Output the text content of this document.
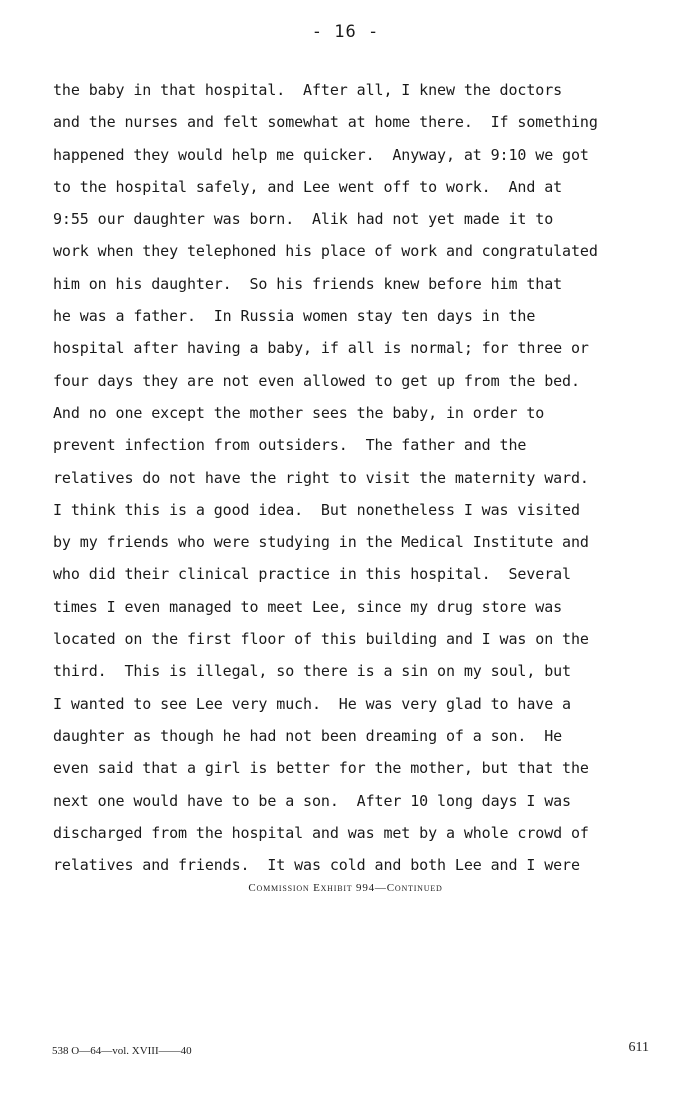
- 16 -
the baby in that hospital.  After all, I knew the doctors
and the nurses and felt somewhat at home there.  If something
happened they would help me quicker.  Anyway, at 9:10 we got
to the hospital safely, and Lee went off to work.  And at
9:55 our daughter was born.  Alik had not yet made it to
work when they telephoned his place of work and congratulated
him on his daughter.  So his friends knew before him that
he was a father.  In Russia women stay ten days in the
hospital after having a baby, if all is normal; for three or
four days they are not even allowed to get up from the bed.
And no one except the mother sees the baby, in order to
prevent infection from outsiders.  The father and the
relatives do not have the right to visit the maternity ward.
I think this is a good idea.  But nonetheless I was visited
by my friends who were studying in the Medical Institute and
who did their clinical practice in this hospital.  Several
times I even managed to meet Lee, since my drug store was
located on the first floor of this building and I was on the
third.  This is illegal, so there is a sin on my soul, but
I wanted to see Lee very much.  He was very glad to have a
daughter as though he had not been dreaming of a son.  He
even said that a girl is better for the mother, but that the
next one would have to be a son.  After 10 long days I was
discharged from the hospital and was met by a whole crowd of
relatives and friends.  It was cold and both Lee and I were
Commission Exhibit 994—Continued
538 O—64—vol. XVIII——40	611
